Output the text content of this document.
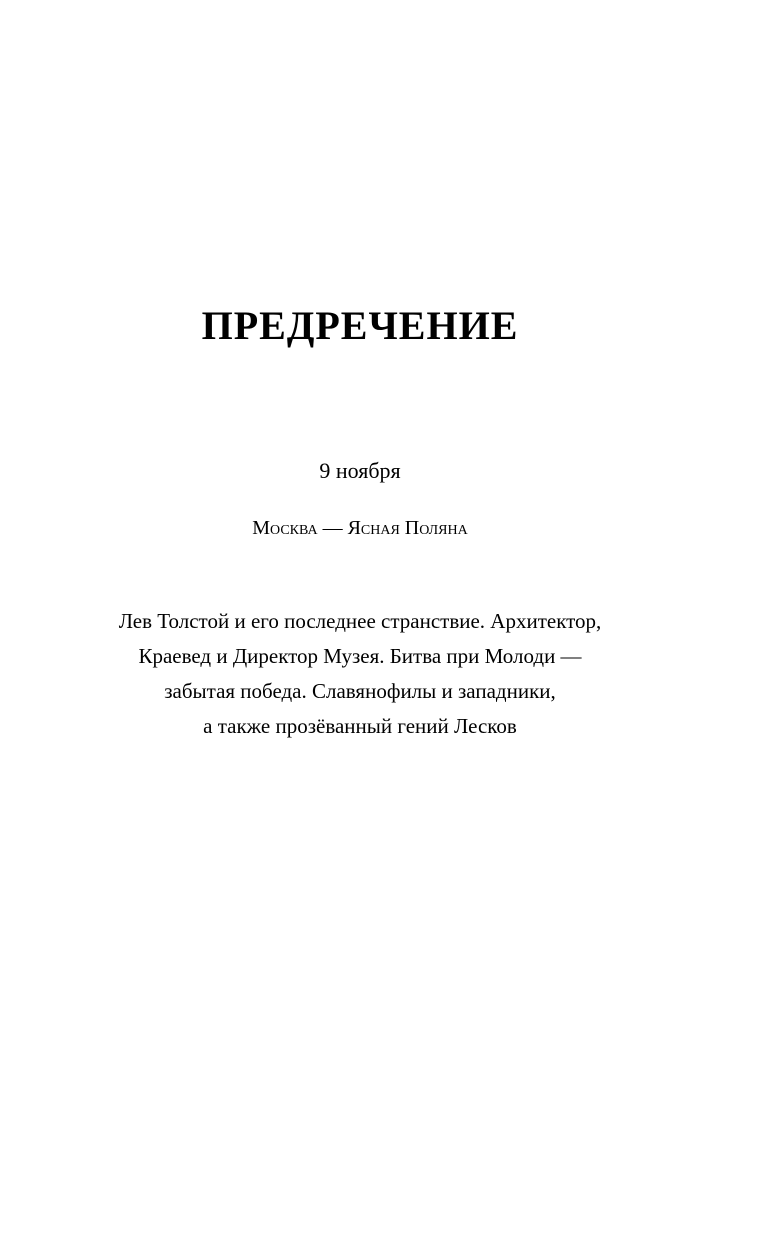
ПРЕДРЕЧЕНИЕ
9 ноября
Москва — Ясная Поляна
Лев Толстой и его последнее странствие. Архитектор,
Краевед и Директор Музея. Битва при Молоди —
забытая победа. Славянофилы и западники,
а также прозёванный гений Лесков
